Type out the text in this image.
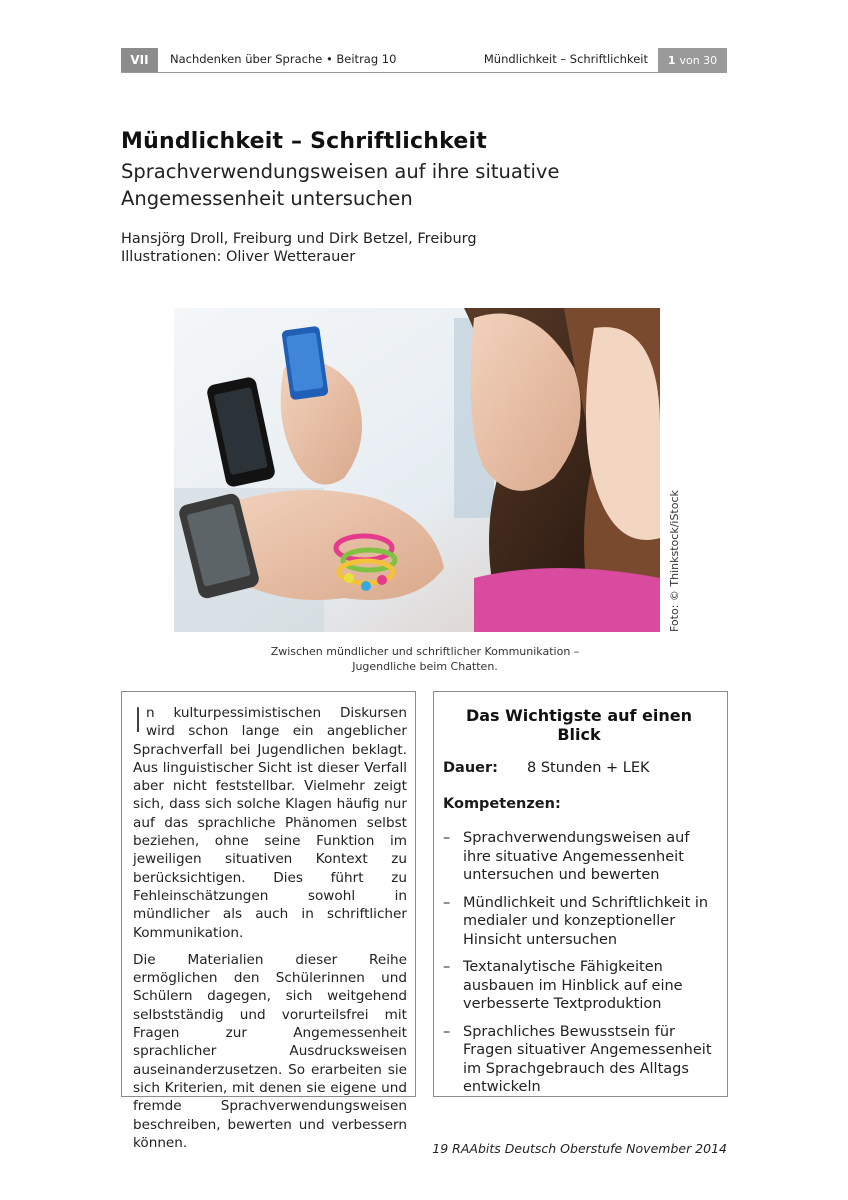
VII Nachdenken über Sprache • Beitrag 10	Mündlichkeit – Schriftlichkeit 1 von 30
Mündlichkeit – Schriftlichkeit
Sprachverwendungsweisen auf ihre situative Angemessenheit untersuchen
Hansjörg Droll, Freiburg und Dirk Betzel, Freiburg
Illustrationen: Oliver Wetterauer
Foto: © Thinkstock/iStock
Zwischen mündlicher und schriftlicher Kommunikation –
Jugendliche beim Chatten.

In kulturpessimistischen Diskursen wird schon lange ein angeblicher Sprachverfall bei Jugendlichen beklagt. Aus linguistischer Sicht ist dieser Verfall aber nicht feststellbar. Vielmehr zeigt sich, dass sich solche Klagen häufig nur auf das sprachliche Phänomen selbst beziehen, ohne seine Funktion im jeweiligen situativen Kontext zu berücksichtigen. Dies führt zu Fehleinschätzungen sowohl in mündlicher als auch in schriftlicher Kommunikation.

Die Materialien dieser Reihe ermöglichen den Schülerinnen und Schülern dagegen, sich weitgehend selbstständig und vorurteilsfrei mit Fragen zur Angemessenheit sprachlicher Ausdrucksweisen auseinanderzusetzen. So erarbeiten sie sich Kriterien, mit denen sie eigene und fremde Sprachverwendungsweisen beschreiben, bewerten und verbessern können.

Das Wichtigste auf einen Blick
Dauer:	8 Stunden + LEK
Kompetenzen:
– Sprachverwendungsweisen auf ihre situative Angemessenheit untersuchen und bewerten
– Mündlichkeit und Schriftlichkeit in medialer und konzeptioneller Hinsicht untersuchen
– Textanalytische Fähigkeiten ausbauen im Hinblick auf eine verbesserte Textproduktion
– Sprachliches Bewusstsein für Fragen situativer Angemessenheit im Sprachgebrauch des Alltags entwickeln
19 RAAbits Deutsch Oberstufe November 2014
